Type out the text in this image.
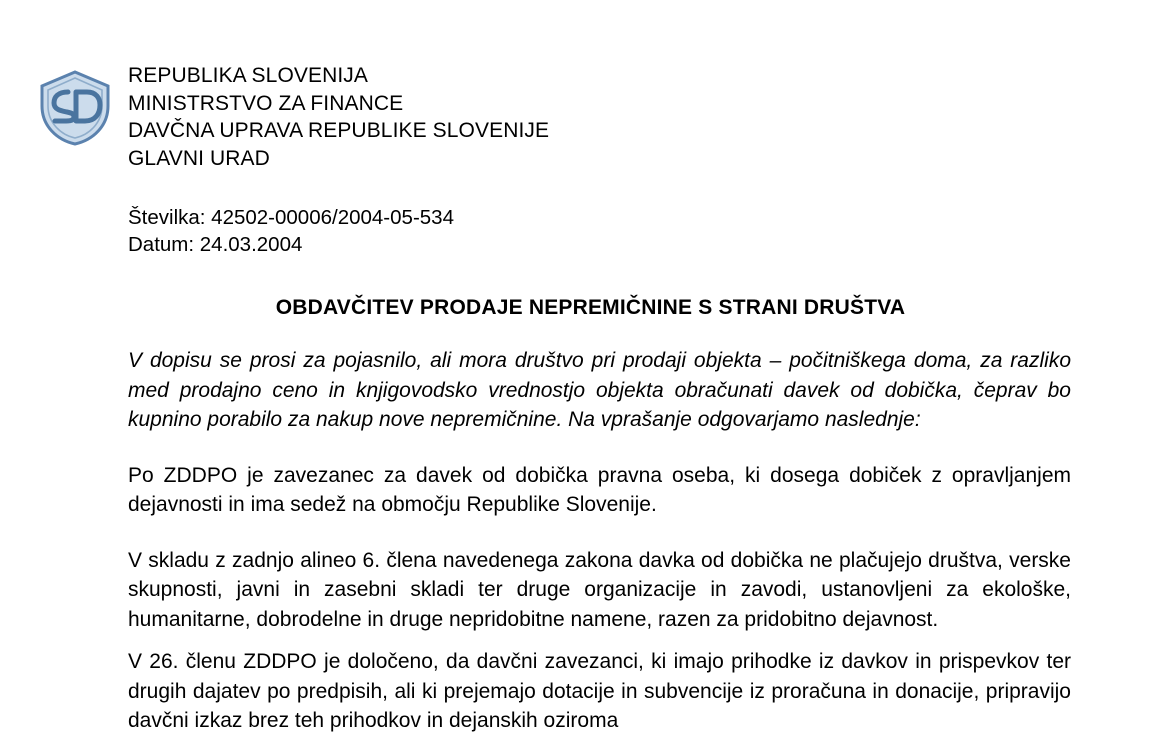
REPUBLIKA SLOVENIJA
MINISTRSTVO ZA FINANCE
DAVČNA UPRAVA REPUBLIKE SLOVENIJE
GLAVNI URAD
Številka: 42502-00006/2004-05-534
Datum: 24.03.2004
OBDAVČITEV PRODAJE NEPREMIČNINE S STRANI DRUŠTVA

V dopisu se prosi za pojasnilo, ali mora društvo pri prodaji objekta – počitniškega doma, za razliko med prodajno ceno in knjigovodsko vrednostjo objekta obračunati davek od dobička, čeprav bo kupnino porabilo za nakup nove nepremičnine. Na vprašanje odgovarjamo naslednje:

Po ZDDPO je zavezanec za davek od dobička pravna oseba, ki dosega dobiček z opravljanjem dejavnosti in ima sedež na območju Republike Slovenije.

V skladu z zadnjo alineo 6. člena navedenega zakona davka od dobička ne plačujejo društva, verske skupnosti, javni in zasebni skladi ter druge organizacije in zavodi, ustanovljeni za ekološke, humanitarne, dobrodelne in druge nepridobitne namene, razen za pridobitno dejavnost.

V 26. členu ZDDPO je določeno, da davčni zavezanci, ki imajo prihodke iz davkov in prispevkov ter drugih dajatev po predpisih, ali ki prejemajo dotacije in subvencije iz proračuna in donacije, pripravijo davčni izkaz brez teh prihodkov in dejanskih oziroma
